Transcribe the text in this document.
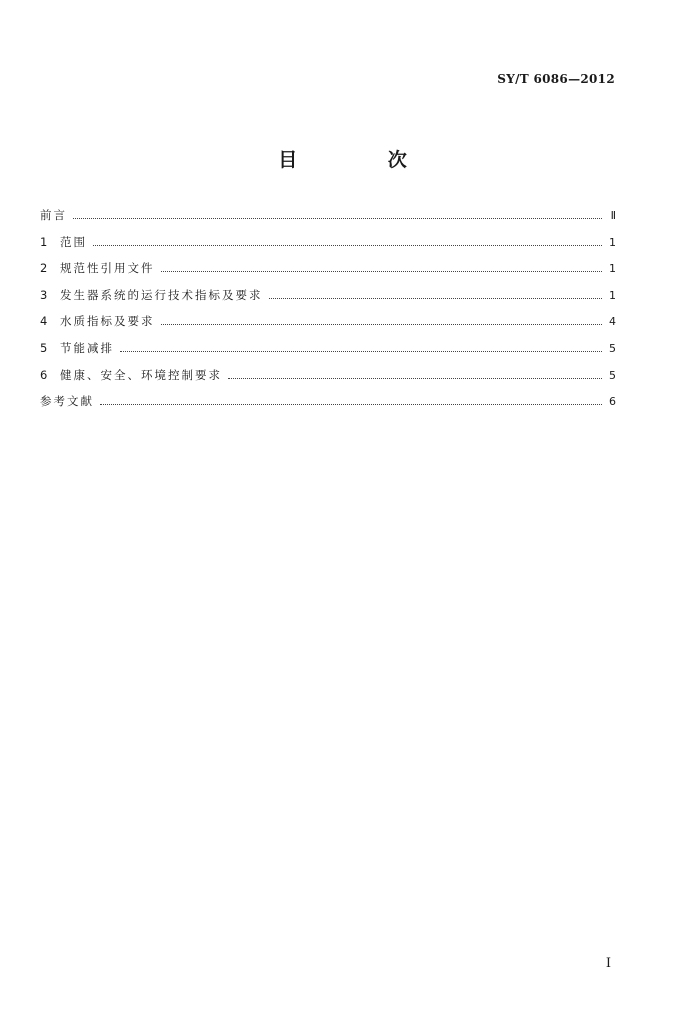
SY/T 6086—2012
目 次
前言	Ⅱ
1	范围	1
2	规范性引用文件	1
3	发生器系统的运行技术指标及要求	1
4	水质指标及要求	4
5	节能减排	5
6	健康、安全、环境控制要求	5
参考文献	6
Ⅰ
